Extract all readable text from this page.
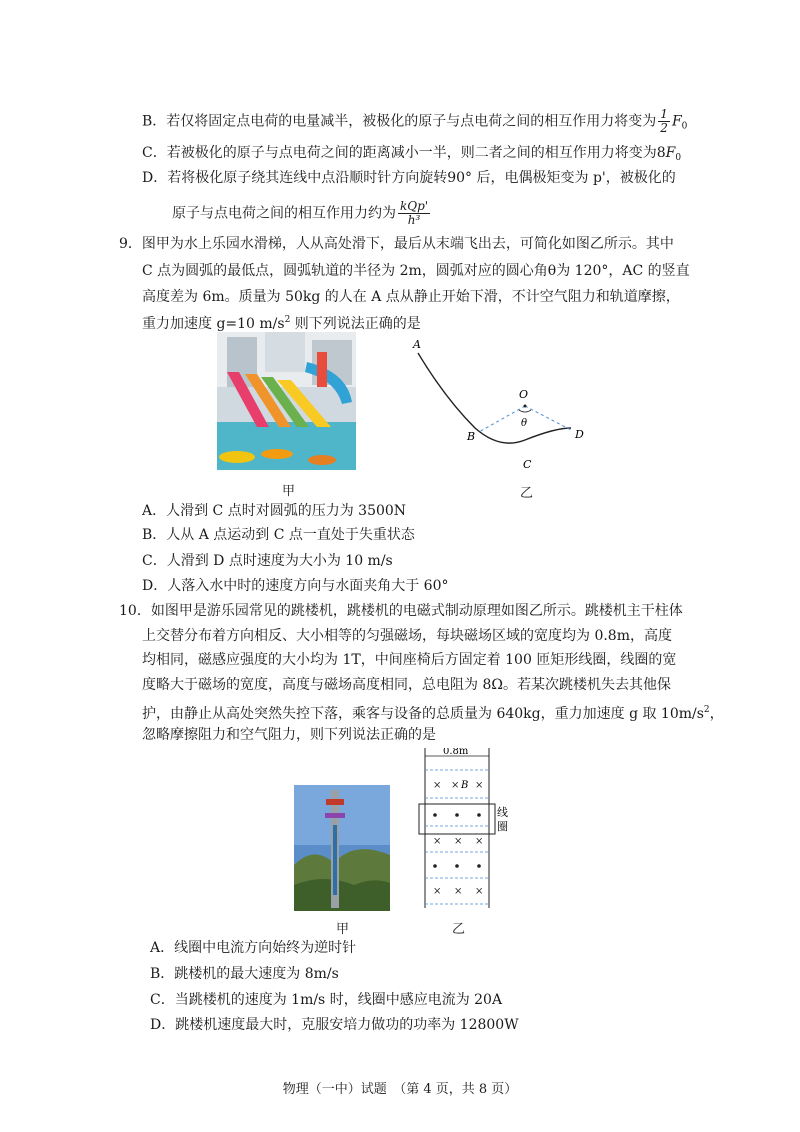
B．若仅将固定点电荷的电量减半，被极化的原子与点电荷之间的相互作用力将变为 $\frac{1}{2} F_0$
C．若被极化的原子与点电荷之间的距离减小一半，则二者之间的相互作用力将变为$8F_0$
D．若将极化原子绕其连线中点沿顺时针方向旋转90° 后，电偶极矩变为 p'，被极化的
原子与点电荷之间的相互作用力约为 $\frac{\text{kQp'}}{\text{h³}}$
9．图甲为水上乐园水滑梯，人从高处滑下，最后从末端飞出去，可简化如图乙所示。其中
C 点为圆弧的最低点，圆弧轨道的半径为 2m，圆弧对应的圆心角θ为 120°，AC 的竖直
高度差为 6m。质量为 50kg 的人在 A 点从静止开始下滑，不计空气阻力和轨道摩擦，
重力加速度 g=10 $m/s^2$ 则下列说法正确的是
甲
A
O
θ
B	D
C
乙
A．人滑到 C 点时对圆弧的压力为 3500N
B．人从 A 点运动到 C 点一直处于失重状态
C．人滑到 D 点时速度为大小为 10 m/s
D．人落入水中时的速度方向与水面夹角大于 60°
10．如图甲是游乐园常见的跳楼机，跳楼机的电磁式制动原理如图乙所示。跳楼机主干柱体
上交替分布着方向相反、大小相等的匀强磁场，每块磁场区域的宽度均为 0.8m，高度
均相同，磁感应强度的大小均为 1T，中间座椅后方固定着 100 匝矩形线圈，线圈的宽
度略大于磁场的宽度，高度与磁场高度相同，总电阻为 8Ω。若某次跳楼机失去其他保
护，由静止从高处突然失控下落，乘客与设备的总质量为 640kg，重力加速度 g 取 $10m/s^2$，
忽略摩擦阻力和空气阻力，则下列说法正确的是
甲
0.8m
× × ×
B
× × ×
× × ×
线
圈
乙
A．线圈中电流方向始终为逆时针
B．跳楼机的最大速度为 8m/s
C．当跳楼机的速度为 1m/s 时，线圈中感应电流为 20A
D．跳楼机速度最大时，克服安培力做功的功率为 12800W
物理（一中）试题　（第 4 页，共 8 页）
